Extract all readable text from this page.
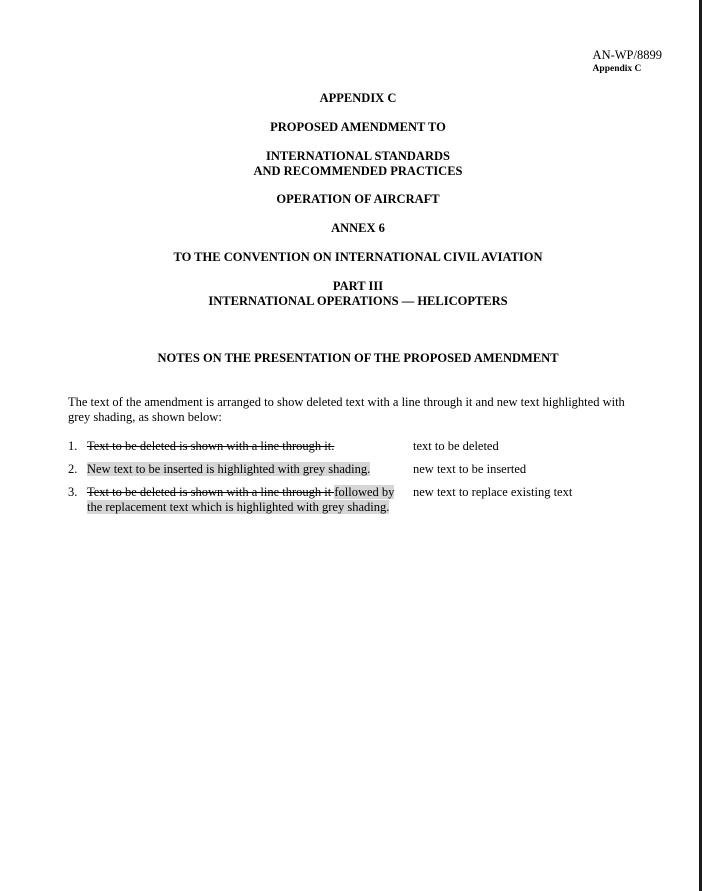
AN-WP/8899
Appendix C
APPENDIX C
PROPOSED AMENDMENT TO
INTERNATIONAL STANDARDS
AND RECOMMENDED PRACTICES
OPERATION OF AIRCRAFT
ANNEX 6
TO THE CONVENTION ON INTERNATIONAL CIVIL AVIATION
PART III
INTERNATIONAL OPERATIONS — HELICOPTERS
NOTES ON THE PRESENTATION OF THE PROPOSED AMENDMENT
The text of the amendment is arranged to show deleted text with a line through it and new text highlighted with grey shading, as shown below:
1. Text to be deleted is shown with a line through it.	text to be deleted
2. New text to be inserted is highlighted with grey shading.	new text to be inserted
3. Text to be deleted is shown with a line through it followed by the replacement text which is highlighted with grey shading.
new text to replace existing text
